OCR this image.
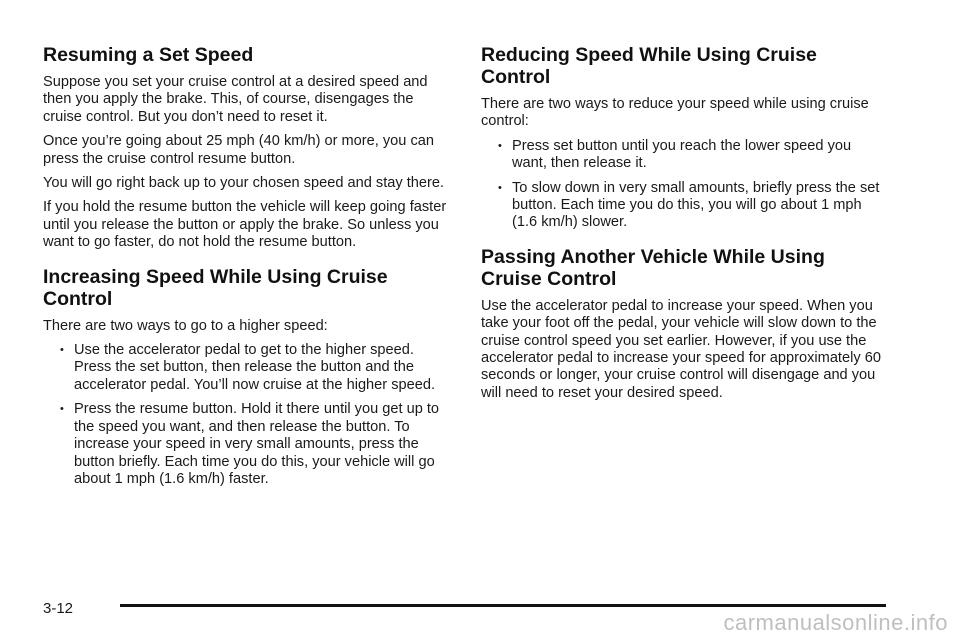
Resuming a Set Speed

Suppose you set your cruise control at a desired speed and then you apply the brake. This, of course, disengages the cruise control. But you don’t need to reset it.

Once you’re going about 25 mph (40 km/h) or more, you can press the cruise control resume button.

You will go right back up to your chosen speed and stay there.

If you hold the resume button the vehicle will keep going faster until you release the button or apply the brake. So unless you want to go faster, do not hold the resume button.

Increasing Speed While Using Cruise Control

There are two ways to go to a higher speed:

• Use the accelerator pedal to get to the higher speed. Press the set button, then release the button and the accelerator pedal. You’ll now cruise at the higher speed.
• Press the resume button. Hold it there until you get up to the speed you want, and then release the button. To increase your speed in very small amounts, press the button briefly. Each time you do this, your vehicle will go about 1 mph (1.6 km/h) faster.
Reducing Speed While Using Cruise Control

There are two ways to reduce your speed while using cruise control:

• Press set button until you reach the lower speed you want, then release it.
• To slow down in very small amounts, briefly press the set button. Each time you do this, you will go about 1 mph (1.6 km/h) slower.
Passing Another Vehicle While Using Cruise Control

Use the accelerator pedal to increase your speed. When you take your foot off the pedal, your vehicle will slow down to the cruise control speed you set earlier. However, if you use the accelerator pedal to increase your speed for approximately 60 seconds or longer, your cruise control will disengage and you will need to reset your desired speed.

3-12
carmanualsonline.info
